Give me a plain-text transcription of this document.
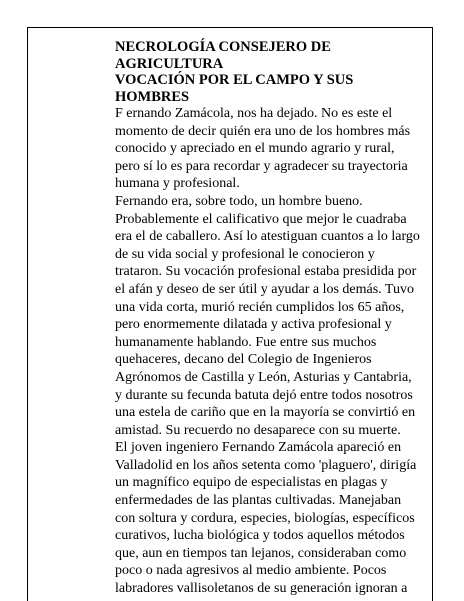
NECROLOGÍA CONSEJERO DE AGRICULTURA

VOCACIÓN POR EL CAMPO Y SUS HOMBRES

F ernando Zamácola, nos ha dejado. No es este el momento de decir quién era uno de los hombres más conocido y apreciado en el mundo agrario y rural, pero sí lo es para recordar y agradecer su trayectoria humana y profesional.

Fernando era, sobre todo, un hombre bueno. Probablemente el calificativo que mejor le cuadraba era el de caballero. Así lo atestiguan cuantos a lo largo de su vida social y profesional le conocieron y trataron. Su vocación profesional estaba presidida por el afán y deseo de ser útil y ayudar a los demás. Tuvo una vida corta, murió recién cumplidos los 65 años, pero enormemente dilatada y activa profesional y humanamente hablando. Fue entre sus muchos quehaceres, decano del Colegio de Ingenieros Agrónomos de Castilla y León, Asturias y Cantabria, y durante su fecunda batuta dejó entre todos nosotros una estela de cariño que en la mayoría se convirtió en amistad. Su recuerdo no desaparece con su muerte.

El joven ingeniero Fernando Zamácola apareció en Valladolid en los años setenta como 'plaguero', dirigía un magnífico equipo de especialistas en plagas y enfermedades de las plantas cultivadas. Manejaban con soltura y cordura, especies, biologías, específicos curativos, lucha biológica y todos aquellos métodos que, aun en tiempos tan lejanos, consideraban como poco o nada agresivos al medio ambiente. Pocos labradores vallisoletanos de su generación ignoran a
